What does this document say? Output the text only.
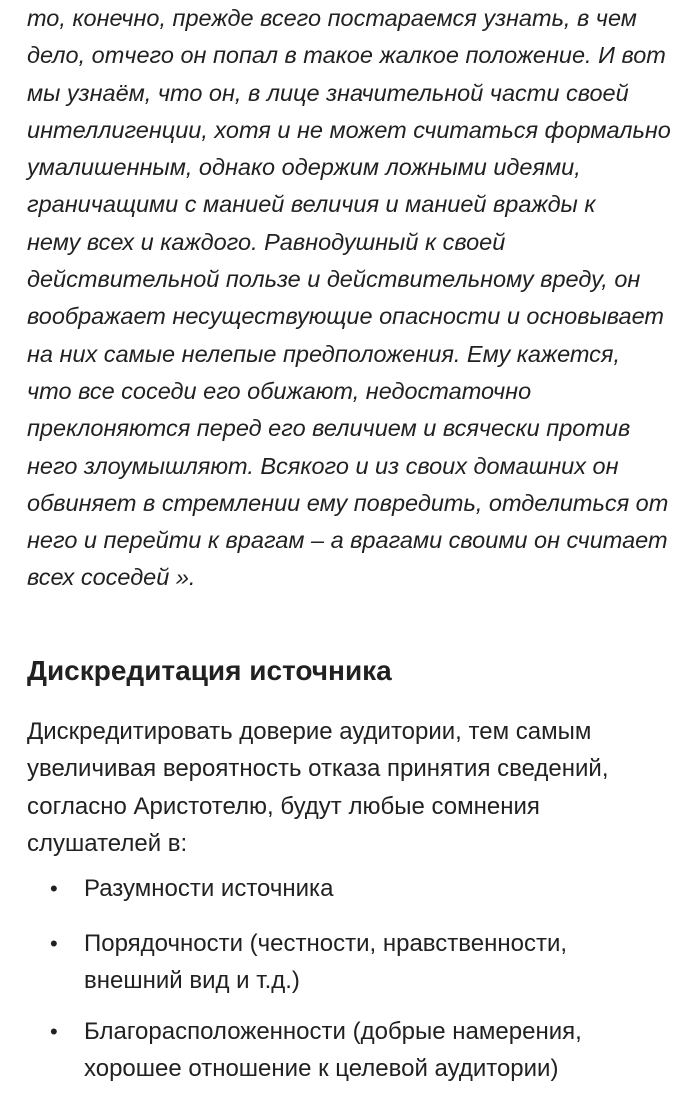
то, конечно, прежде всего постараемся узнать, в чем

дело, отчего он попал в такое жалкое положение. И вот

мы узнаём, что он, в лице значительной части своей

интеллигенции, хотя и не может считаться формально

умалишенным, однако одержим ложными идеями,

граничащими с манией величия и манией вражды к

нему всех и каждого. Равнодушный к своей

действительной пользе и действительному вреду, он

воображает несуществующие опасности и основывает

на них самые нелепые предположения. Ему кажется,

что все соседи его обижают, недостаточно

преклоняются перед его величием и всячески против

него злоумышляют. Всякого и из своих домашних он

обвиняет в стремлении ему повредить, отделиться от

него и перейти к врагам – а врагами своими он считает

всех соседей ».

Дискредитация источника

Дискредитировать доверие аудитории, тем самым

увеличивая вероятность отказа принятия сведений,

согласно Аристотелю, будут любые сомнения

слушателей в:

• Разумности источника
• Порядочности (честности, нравственности,
внешний вид и т.д.)
• Благорасположенности (добрые намерения,
хорошее отношение к целевой аудитории)
